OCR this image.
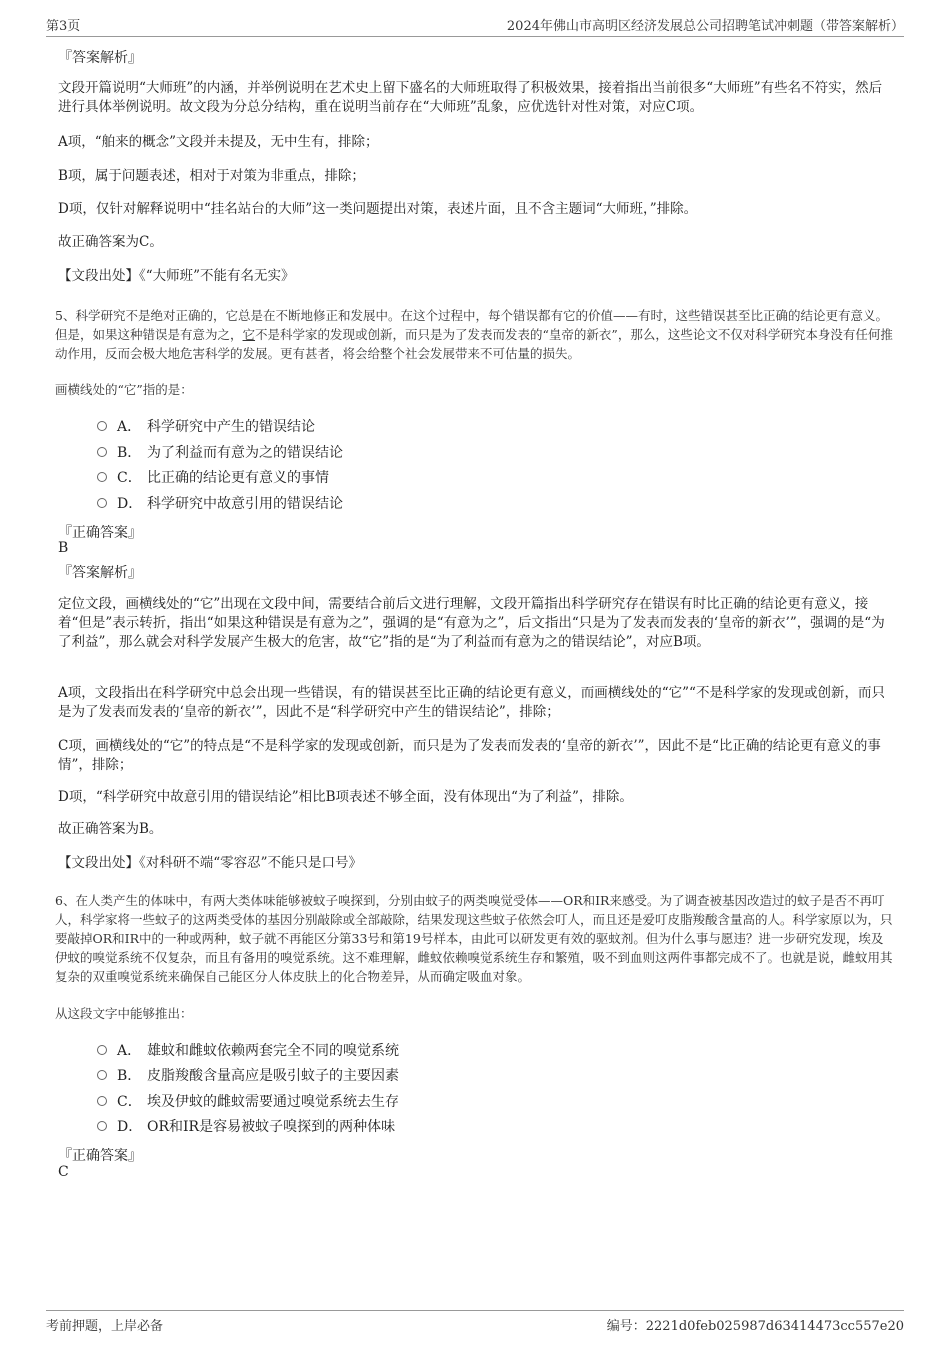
第3页	2024年佛山市高明区经济发展总公司招聘笔试冲刺题（带答案解析）
『答案解析』

文段开篇说明“大师班”的内涵，并举例说明在艺术史上留下盛名的大师班取得了积极效果，接着指出当前很多“大师班”有些名不符实，然后进行具体举例说明。故文段为分总分结构，重在说明当前存在“大师班”乱象，应优选针对性对策，对应C项。

A项，“舶来的概念”文段并未提及，无中生有，排除；

B项，属于问题表述，相对于对策为非重点，排除；

D项，仅针对解释说明中“挂名站台的大师”这一类问题提出对策，表述片面，且不含主题词“大师班，”排除。

故正确答案为C。

【文段出处】《“大师班”不能有名无实》

5、科学研究不是绝对正确的，它总是在不断地修正和发展中。在这个过程中，每个错误都有它的价值——有时，这些错误甚至比正确的结论更有意义。但是，如果这种错误是有意为之，它不是科学家的发现或创新，而只是为了发表而发表的“皇帝的新衣”，那么，这些论文不仅对科学研究本身没有任何推动作用，反而会极大地危害科学的发展。更有甚者，将会给整个社会发展带来不可估量的损失。

画横线处的“它”指的是：

A． 科学研究中产生的错误结论
B． 为了利益而有意为之的错误结论
C． 比正确的结论更有意义的事情
D． 科学研究中故意引用的错误结论
『正确答案』
B
『答案解析』

定位文段，画横线处的“它”出现在文段中间，需要结合前后文进行理解，文段开篇指出科学研究存在错误有时比正确的结论更有意义，接着“但是”表示转折，指出“如果这种错误是有意为之”，强调的是“有意为之”，后文指出“只是为了发表而发表的‘皇帝的新衣’”，强调的是“为了利益”，那么就会对科学发展产生极大的危害，故“它”指的是“为了利益而有意为之的错误结论”，对应B项。

A项，文段指出在科学研究中总会出现一些错误，有的错误甚至比正确的结论更有意义，而画横线处的“它”“不是科学家的发现或创新，而只是为了发表而发表的‘皇帝的新衣’”，因此不是“科学研究中产生的错误结论”，排除；

C项，画横线处的“它”的特点是“不是科学家的发现或创新，而只是为了发表而发表的‘皇帝的新衣’”，因此不是“比正确的结论更有意义的事情”，排除；

D项，“科学研究中故意引用的错误结论”相比B项表述不够全面，没有体现出“为了利益”，排除。

故正确答案为B。

【文段出处】《对科研不端“零容忍”不能只是口号》

6、在人类产生的体味中，有两大类体味能够被蚊子嗅探到，分别由蚊子的两类嗅觉受体——OR和IR来感受。为了调查被基因改造过的蚊子是否不再叮人，科学家将一些蚊子的这两类受体的基因分别敲除或全部敲除，结果发现这些蚊子依然会叮人，而且还是爱叮皮脂羧酸含量高的人。科学家原以为，只要敲掉OR和IR中的一种或两种，蚊子就不再能区分第33号和第19号样本，由此可以研发更有效的驱蚊剂。但为什么事与愿违？进一步研究发现，埃及伊蚊的嗅觉系统不仅复杂，而且有备用的嗅觉系统。这不难理解，雌蚊依赖嗅觉系统生存和繁殖，吸不到血则这两件事都完成不了。也就是说，雌蚊用其复杂的双重嗅觉系统来确保自己能区分人体皮肤上的化合物差异，从而确定吸血对象。

从这段文字中能够推出：

A． 雄蚊和雌蚊依赖两套完全不同的嗅觉系统
B． 皮脂羧酸含量高应是吸引蚊子的主要因素
C． 埃及伊蚊的雌蚊需要通过嗅觉系统去生存
D． OR和IR是容易被蚊子嗅探到的两种体味
『正确答案』
C
考前押题，上岸必备	编号：2221d0feb025987d63414473cc557e20
